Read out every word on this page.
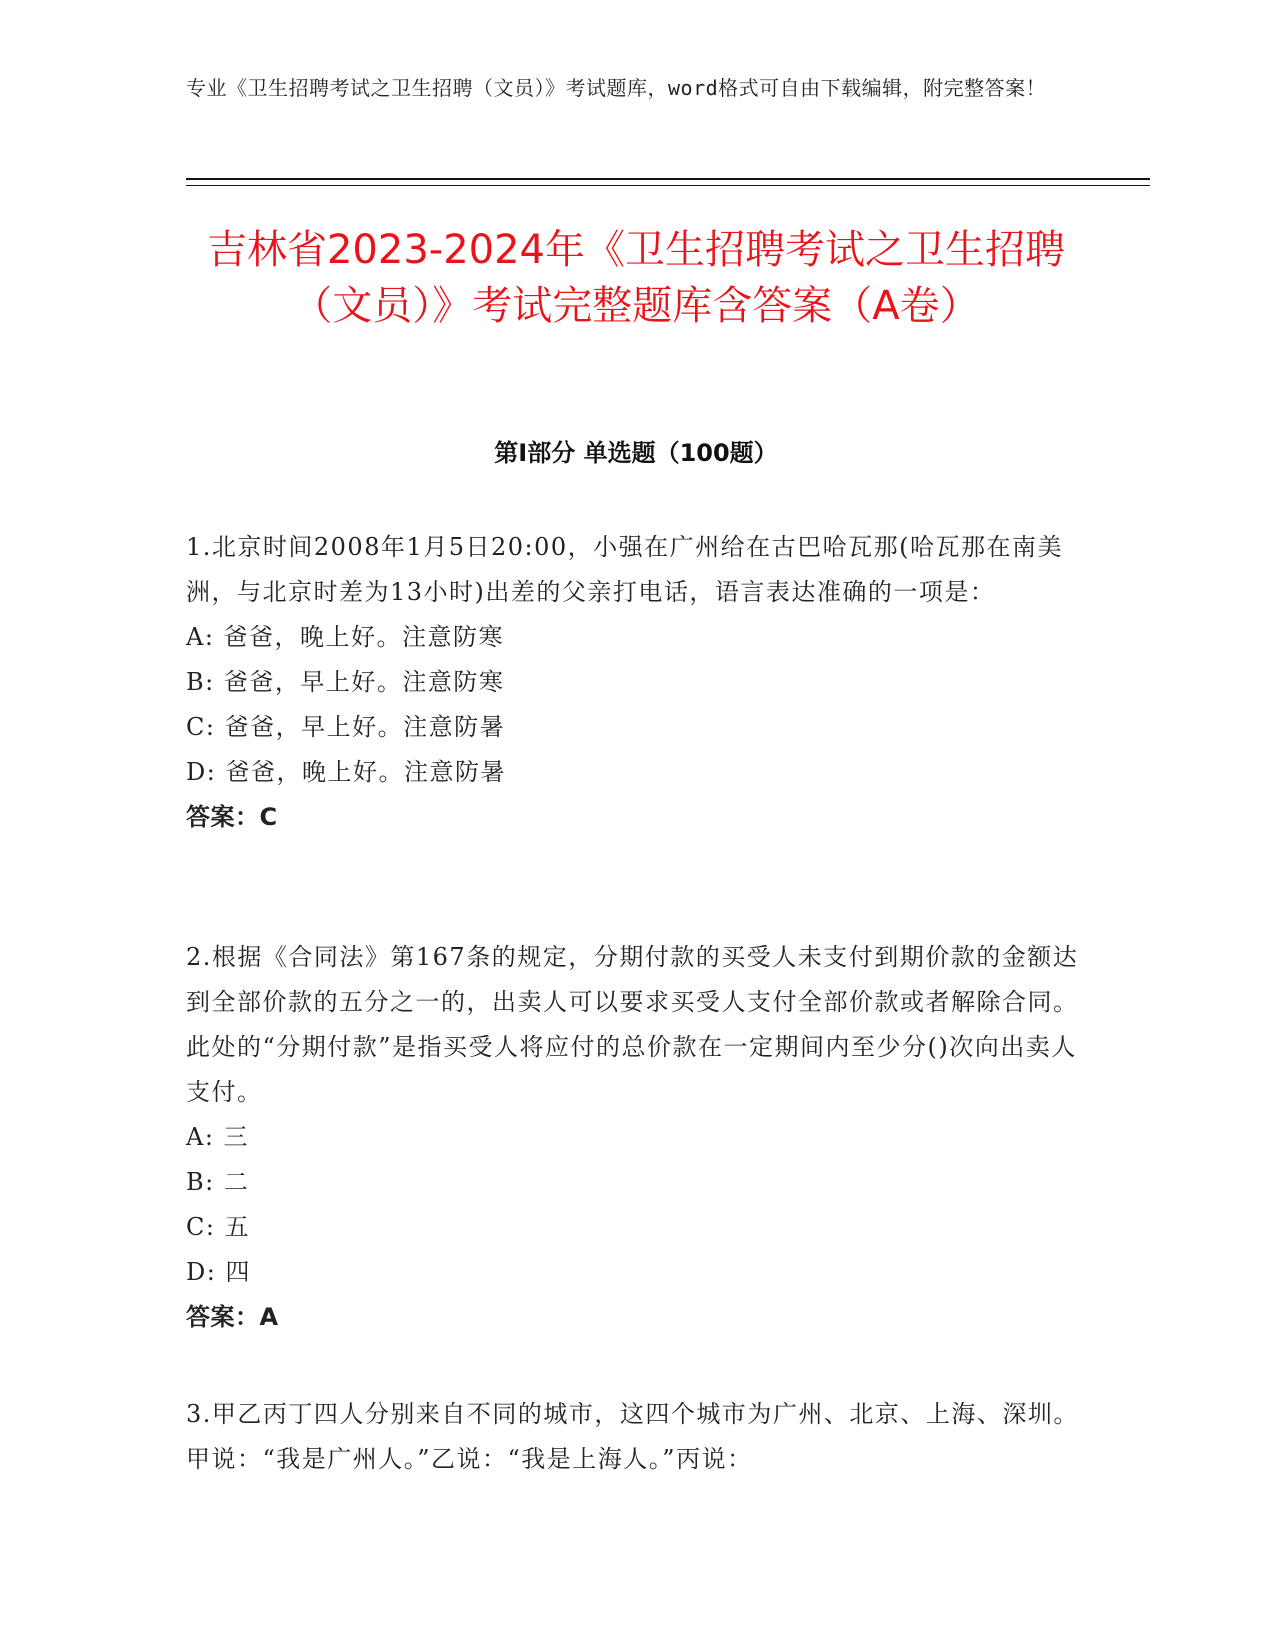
专业《卫生招聘考试之卫生招聘（文员）》考试题库，word格式可自由下载编辑，附完整答案！
吉林省2023-2024年《卫生招聘考试之卫生招聘（文员）》考试完整题库含答案（A卷）
第Ⅰ部分 单选题（100题）

1.北京时间2008年1月5日20:00，小强在广州给在古巴哈瓦那(哈瓦那在南美洲，与北京时差为13小时)出差的父亲打电话，语言表达准确的一项是：

A: 爸爸，晚上好。注意防寒

B: 爸爸，早上好。注意防寒

C: 爸爸，早上好。注意防暑

D: 爸爸，晚上好。注意防暑

答案：C

2.根据《合同法》第167条的规定，分期付款的买受人未支付到期价款的金额达到全部价款的五分之一的，出卖人可以要求买受人支付全部价款或者解除合同。此处的“分期付款”是指买受人将应付的总价款在一定期间内至少分()次向出卖人支付。

A: 三

B: 二

C: 五

D: 四

答案：A

3.甲乙丙丁四人分别来自不同的城市，这四个城市为广州、北京、上海、深圳。甲说：“我是广州人。”乙说：“我是上海人。”丙说：
